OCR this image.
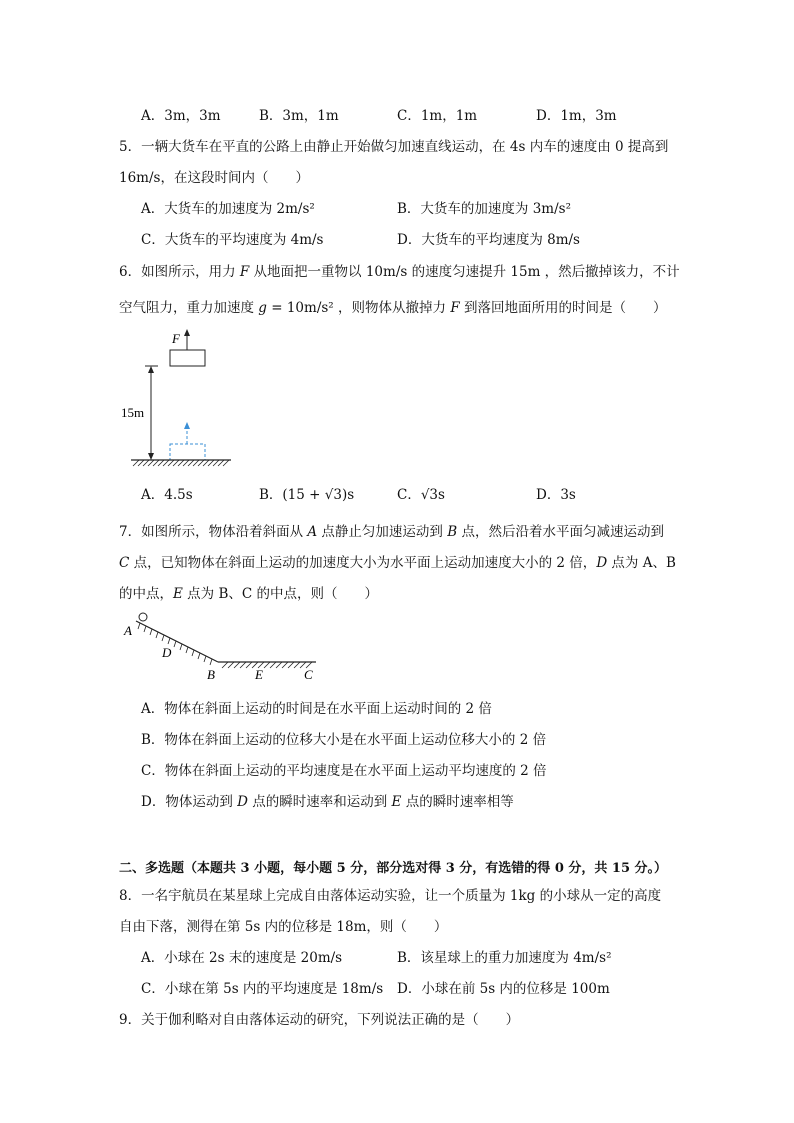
A．3m，3m	B．3m，1m	C．1m，1m	D．1m，3m
5．一辆大货车在平直的公路上由静止开始做匀加速直线运动，在 4s 内车的速度由 0 提高到
16m/s，在这段时间内（　　）
A．大货车的加速度为 2m/s²	B．大货车的加速度为 3m/s²
C．大货车的平均速度为 4m/s	D．大货车的平均速度为 8m/s
6．如图所示，用力 F 从地面把一重物以 10m/s 的速度匀速提升 15m ，然后撤掉该力，不计
空气阻力，重力加速度 g = 10m/s² ，则物体从撤掉力 F 到落回地面所用的时间是（　　）
F
15m
A．4.5s	B．(15 + √3)s	C．√3s	D．3s
7．如图所示，物体沿着斜面从 A 点静止匀加速运动到 B 点，然后沿着水平面匀减速运动到
C 点，已知物体在斜面上运动的加速度大小为水平面上运动加速度大小的 2 倍，D 点为 A、B
的中点，E 点为 B、C 的中点，则（　　）
A
D
B	E	C
A．物体在斜面上运动的时间是在水平面上运动时间的 2 倍
B．物体在斜面上运动的位移大小是在水平面上运动位移大小的 2 倍
C．物体在斜面上运动的平均速度是在水平面上运动平均速度的 2 倍
D．物体运动到 D 点的瞬时速率和运动到 E 点的瞬时速率相等
二、多选题（本题共 3 小题，每小题 5 分，部分选对得 3 分，有选错的得 0 分，共 15 分。）
8．一名宇航员在某星球上完成自由落体运动实验，让一个质量为 1kg 的小球从一定的高度
自由下落，测得在第 5s 内的位移是 18m，则（　　）
A．小球在 2s 末的速度是 20m/s	B．该星球上的重力加速度为 4m/s²
C．小球在第 5s 内的平均速度是 18m/s D．小球在前 5s 内的位移是 100m
9．关于伽利略对自由落体运动的研究，下列说法正确的是（　　）
